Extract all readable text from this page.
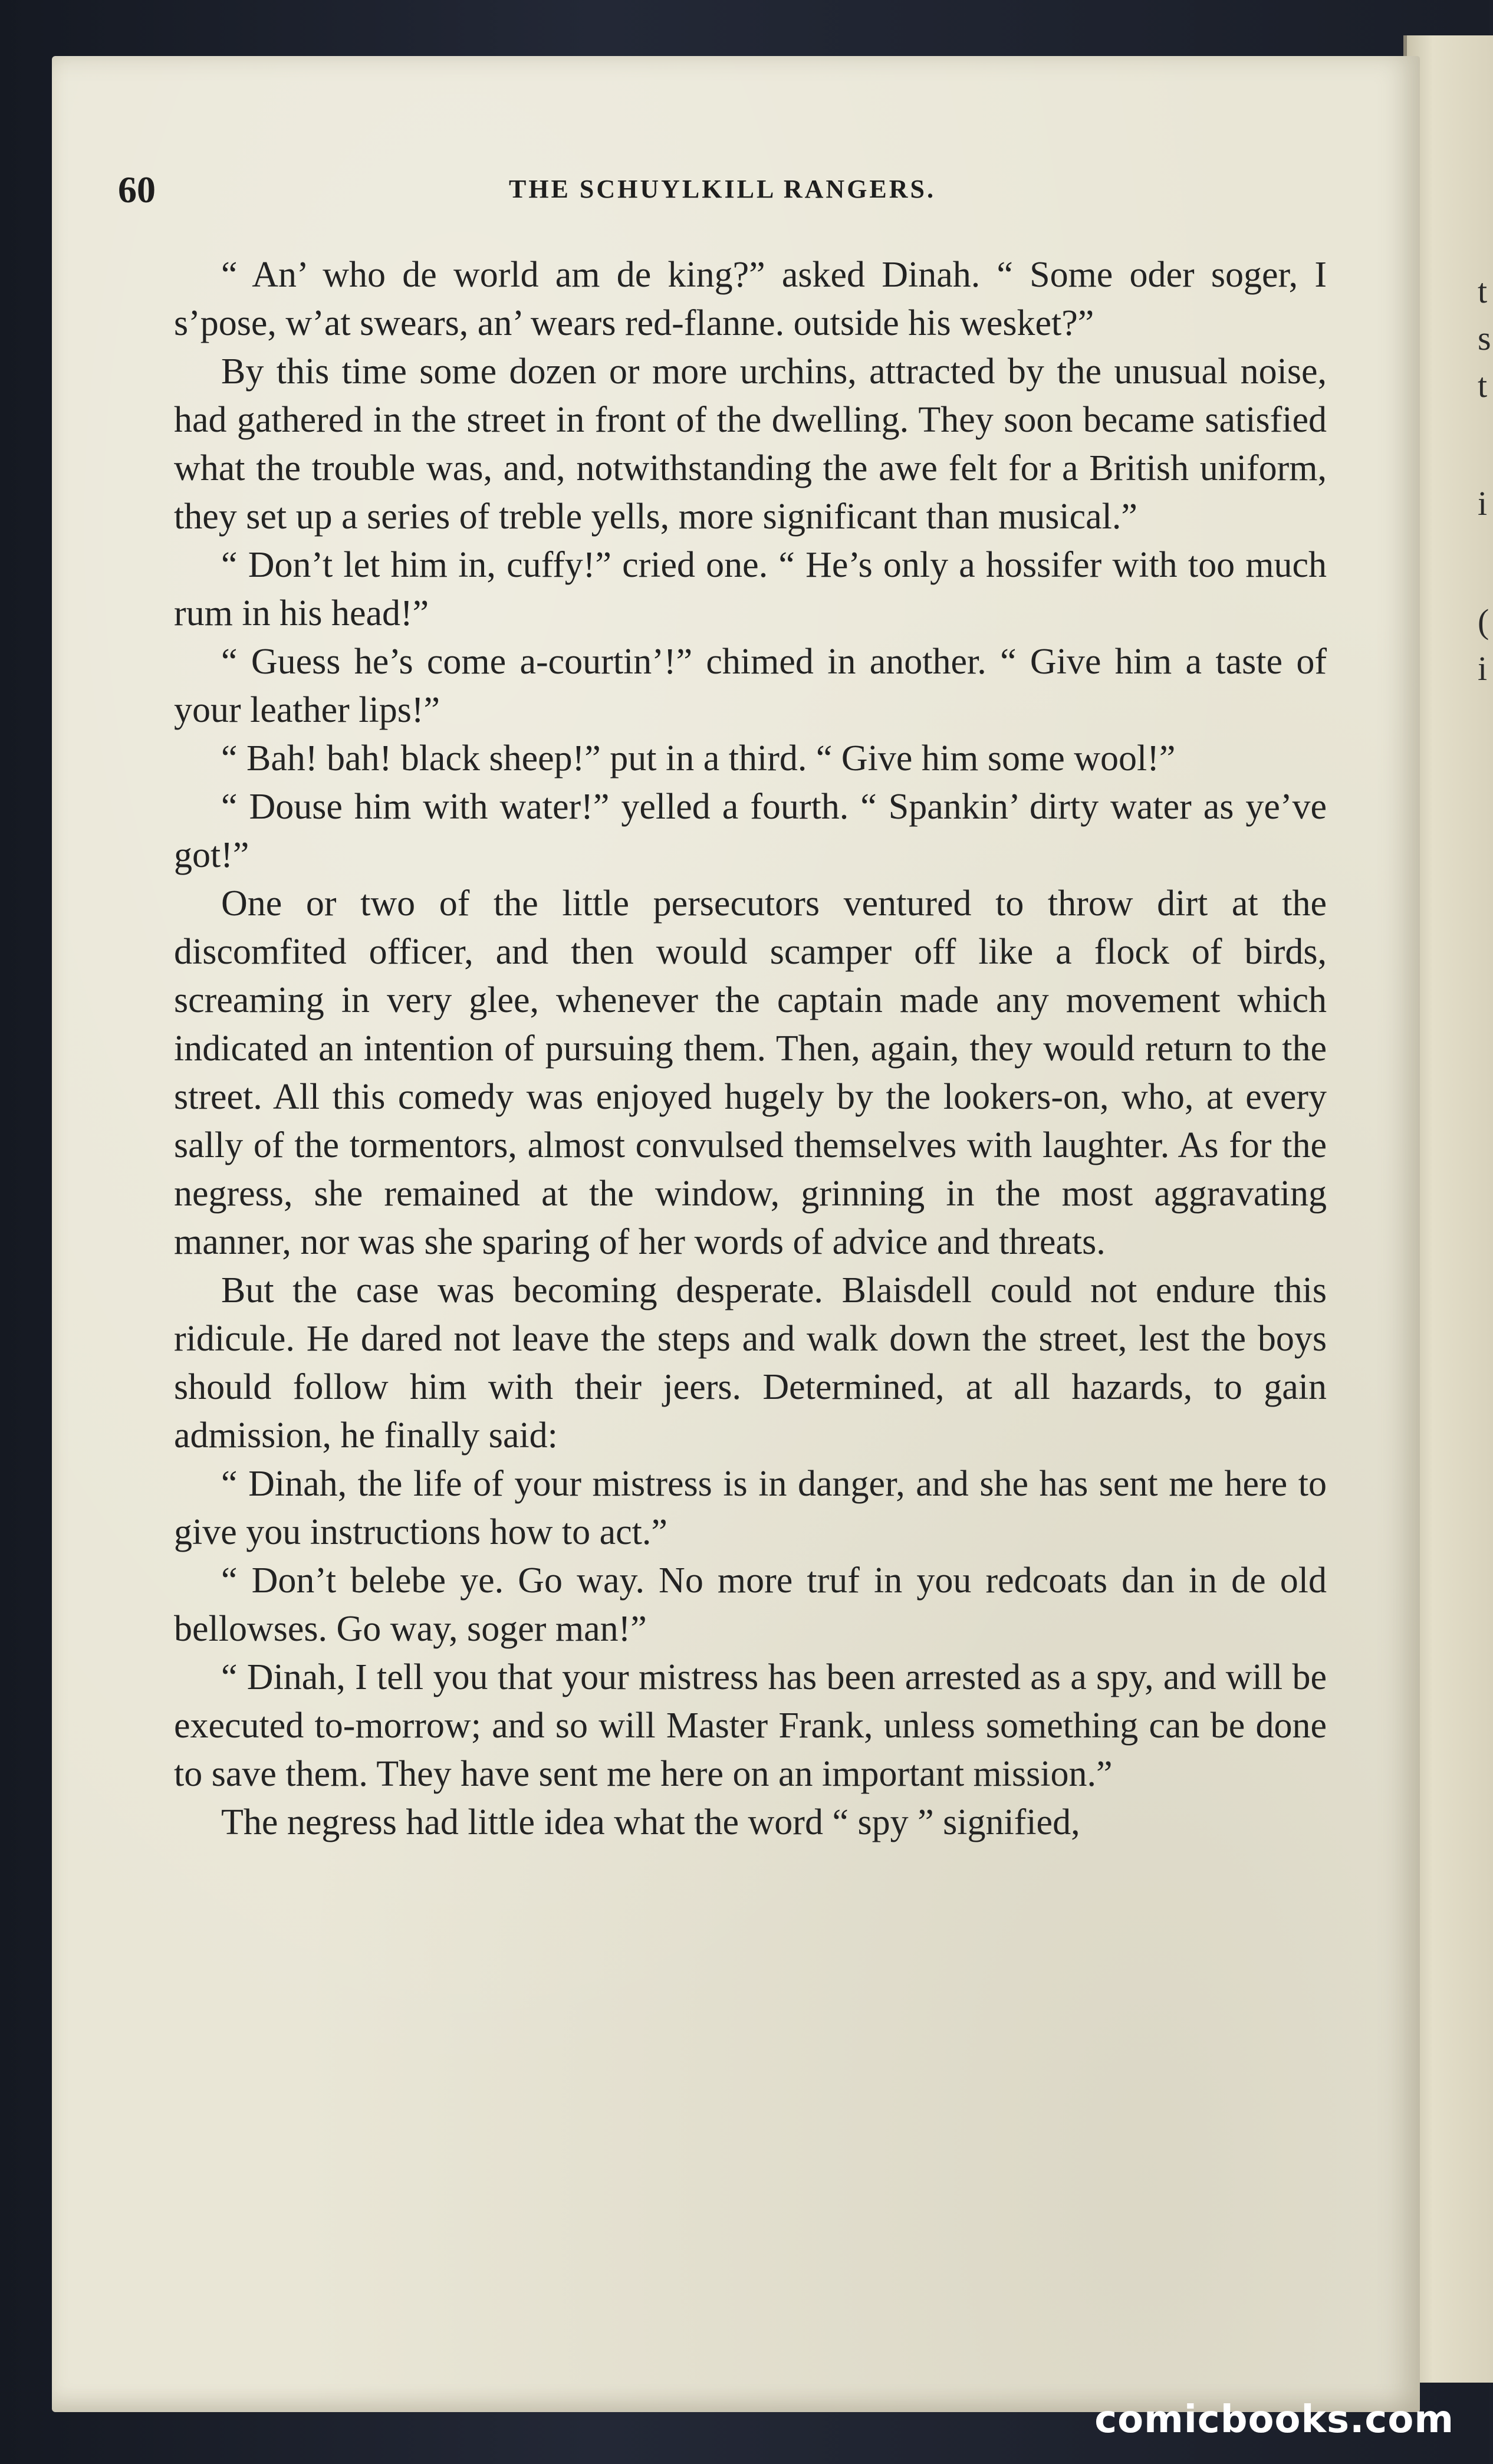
t
s
t
i
(
i
60	THE SCHUYLKILL RANGERS.

“ An’ who de world am de king?” asked Dinah. “ Some oder soger, I s’pose, w’at swears, an’ wears red-flanne. outside his wesket?”

By this time some dozen or more urchins, attracted by the unusual noise, had gathered in the street in front of the dwelling. They soon became satisfied what the trouble was, and, notwithstanding the awe felt for a British uniform, they set up a series of treble yells, more significant than musical.”

“ Don’t let him in, cuffy!” cried one. “ He’s only a hossifer with too much rum in his head!”

“ Guess he’s come a-courtin’!” chimed in another. “ Give him a taste of your leather lips!”

“ Bah! bah! black sheep!” put in a third. “ Give him some wool!”

“ Douse him with water!” yelled a fourth. “ Spankin’ dirty water as ye’ve got!”

One or two of the little persecutors ventured to throw dirt at the discomfited officer, and then would scamper off like a flock of birds, screaming in very glee, whenever the captain made any movement which indicated an intention of pursuing them. Then, again, they would return to the street. All this comedy was enjoyed hugely by the lookers-on, who, at every sally of the tormentors, almost convulsed themselves with laughter. As for the negress, she remained at the window, grinning in the most aggravating manner, nor was she sparing of her words of advice and threats.

But the case was becoming desperate. Blaisdell could not endure this ridicule. He dared not leave the steps and walk down the street, lest the boys should follow him with their jeers. Determined, at all hazards, to gain admission, he finally said:

“ Dinah, the life of your mistress is in danger, and she has sent me here to give you instructions how to act.”

“ Don’t belebe ye. Go way. No more truf in you redcoats dan in de old bellowses. Go way, soger man!”

“ Dinah, I tell you that your mistress has been arrested as a spy, and will be executed to-morrow; and so will Master Frank, unless something can be done to save them. They have sent me here on an important mission.”

The negress had little idea what the word “ spy ” signified,

comicbooks.com
